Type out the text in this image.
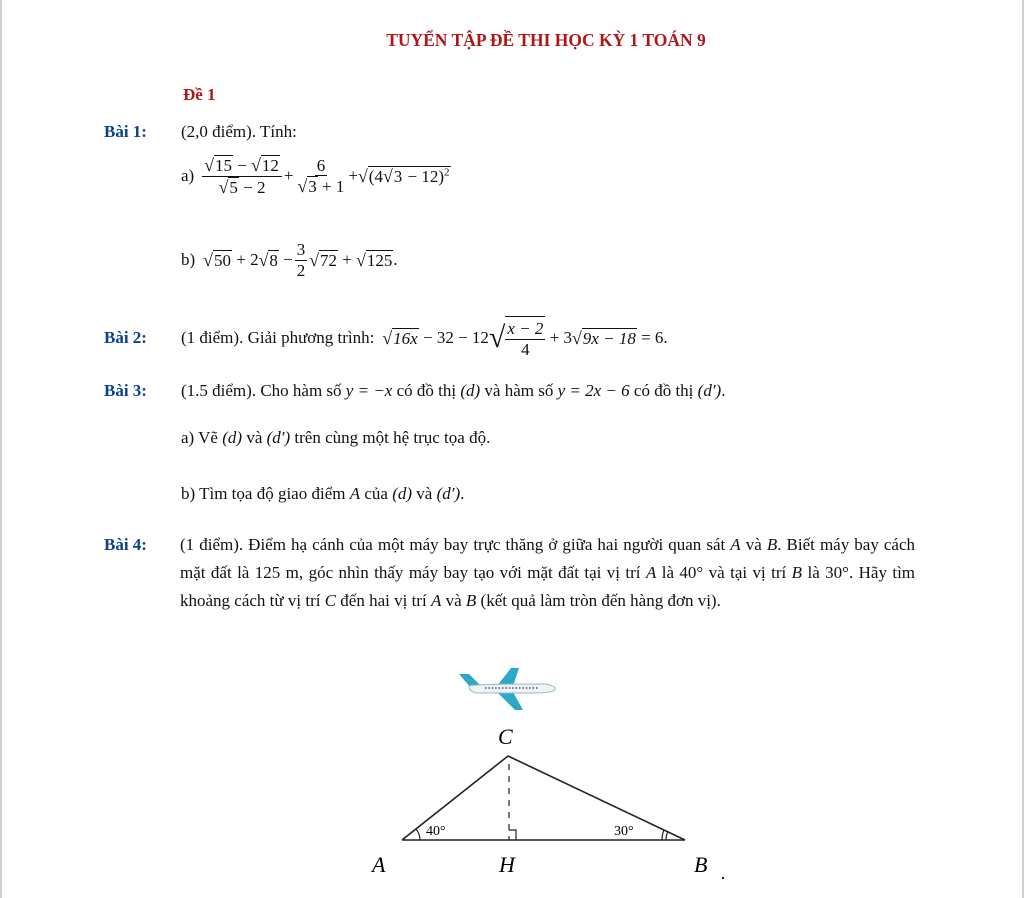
TUYỂN TẬP ĐỀ THI HỌC KỲ 1 TOÁN 9
Đề 1
Bài 1: (2,0 điểm). Tính:
$a) \frac{√15 - √12}{√5 - 2} + \frac{6}{√3 + 1} + √(4√3 - 12)^2$
b) √50 + 2 $√8 - \frac{3}{2} √72 + √125$ .
Bài 2: (1 điểm). Giải phương trình: √16x − 32 − 12 √ $\frac{x - 2}{4} + 3$ √9x − 18 = 6 .
Bài 3: (1.5 điểm). Cho hàm số y = −x có đồ thị (d) và hàm số y = 2x − 6 có đồ thị (d′).
a) Vẽ (d) và (d′) trên cùng một hệ trục tọa độ.
b) Tìm tọa độ giao điểm A của (d) và (d′).
Bài 4: (1 điểm). Điểm hạ cánh của một máy bay trực thăng ở giữa hai người quan sát A và B. Biết máy bay cách mặt đất là 125 m, góc nhìn thấy máy bay tạo với mặt đất tại vị trí A là 40° và tại vị trí B là 30°. Hãy tìm khoảng cách từ vị trí C đến hai vị trí A và B (kết quả làm tròn đến hàng đơn vị).
C
A	H	B
40°	30°
